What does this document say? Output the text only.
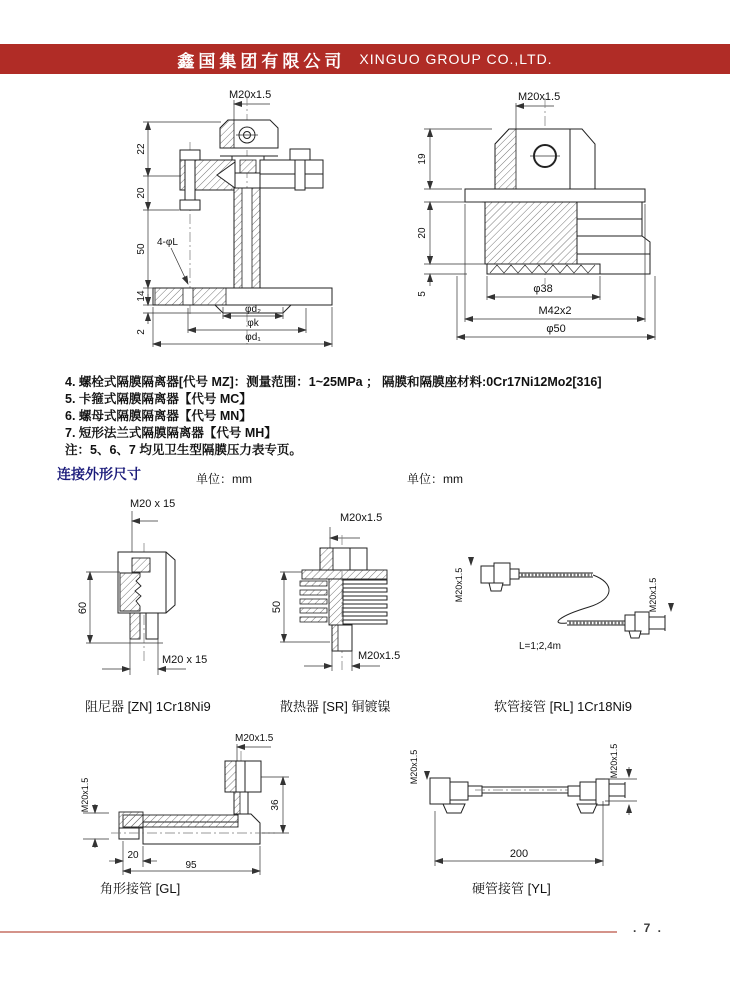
鑫国集团有限公司 XINGUO GROUP CO.,LTD.
M20x1.5
4-φL
22
20
50
14
2
φd₂
φk
φd₁
M20x1.5
19
20
5	φ38
M42x2
φ50
4. 螺栓式隔膜隔离器[代号 MZ]：测量范围：1~25MPa ； 隔膜和隔膜座材料:0Cr17Ni12Mo2[316]
5. 卡箍式隔膜隔离器【代号 MC】
6. 螺母式隔膜隔离器【代号 MN】
7. 短形法兰式隔膜隔离器【代号 MH】
注：5、6、7 均见卫生型隔膜压力表专页。
连接外形尺寸	单位：mm	单位：mm
M20 x 15
60
M20 x 15
M20x1.5
50
M20x1.5
M20x1.5	M20x1.5
L=1;2,4m
阻尼器 [ZN] 1Cr18Ni9	散热器 [SR] 铜镀镍	软管接管 [RL] 1Cr18Ni9
M20x1.5
M20x1.5	36
20
95
M20x1.5	M20x1.5
200
角形接管 [GL]	硬管接管 [YL]
. 7 .
